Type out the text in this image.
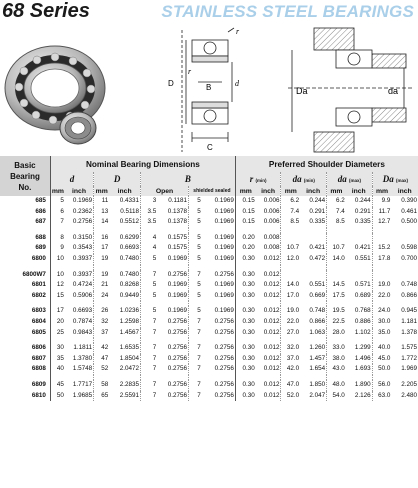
68 Series	STAINLESS STEEL BEARINGS
r
D
r
B	d
C
Da	da
Basic
Bearing
No.	Nominal Bearing Dimensions								Preferred Shoulder Diameters							
	d		D		B				r (min)		da (min)		da (max)		Da (max)	
	mm	inch	mm	inch	Open		shielded sealed		mm	inch	mm	inch	mm	inch	mm	inch
685	5	0.1969	11	0.4331	3	0.1181	5	0.1969	0.15	0.006	6.2	0.244	6.2	0.244	9.9	0.390
686	6	0.2362	13	0.5118	3.5	0.1378	5	0.1969	0.15	0.006	7.4	0.291	7.4	0.291	11.7	0.461
687	7	0.2756	14	0.5512	3.5	0.1378	5	0.1969	0.15	0.006	8.5	0.335	8.5	0.335	12.7	0.500

688	8	0.3150	16	0.6299	4	0.1575	5	0.1969	0.20	0.008						
689	9	0.3543	17	0.6693	4	0.1575	5	0.1969	0.20	0.008	10.7	0.421	10.7	0.421	15.2	0.598
6800	10	0.3937	19	0.7480	5	0.1969	5	0.1969	0.30	0.012	12.0	0.472	14.0	0.551	17.8	0.700

6800W7	10	0.3937	19	0.7480	7	0.2756	7	0.2756	0.30	0.012						
6801	12	0.4724	21	0.8268	5	0.1969	5	0.1969	0.30	0.012	14.0	0.551	14.5	0.571	19.0	0.748
6802	15	0.5906	24	0.9449	5	0.1969	5	0.1969	0.30	0.012	17.0	0.669	17.5	0.689	22.0	0.866

6803	17	0.6693	26	1.0236	5	0.1969	5	0.1969	0.30	0.012	19.0	0.748	19.5	0.768	24.0	0.945
6804	20	0.7874	32	1.2598	7	0.2756	7	0.2756	0.30	0.012	22.0	0.866	22.5	0.886	30.0	1.181
6805	25	0.9843	37	1.4567	7	0.2756	7	0.2756	0.30	0.012	27.0	1.063	28.0	1.102	35.0	1.378

6806	30	1.1811	42	1.6535	7	0.2756	7	0.2756	0.30	0.012	32.0	1.260	33.0	1.299	40.0	1.575
6807	35	1.3780	47	1.8504	7	0.2756	7	0.2756	0.30	0.012	37.0	1.457	38.0	1.496	45.0	1.772
6808	40	1.5748	52	2.0472	7	0.2756	7	0.2756	0.30	0.012	42.0	1.654	43.0	1.693	50.0	1.969

6809	45	1.7717	58	2.2835	7	0.2756	7	0.2756	0.30	0.012	47.0	1.850	48.0	1.890	56.0	2.205
6810	50	1.9685	65	2.5591	7	0.2756	7	0.2756	0.30	0.012	52.0	2.047	54.0	2.126	63.0	2.480
